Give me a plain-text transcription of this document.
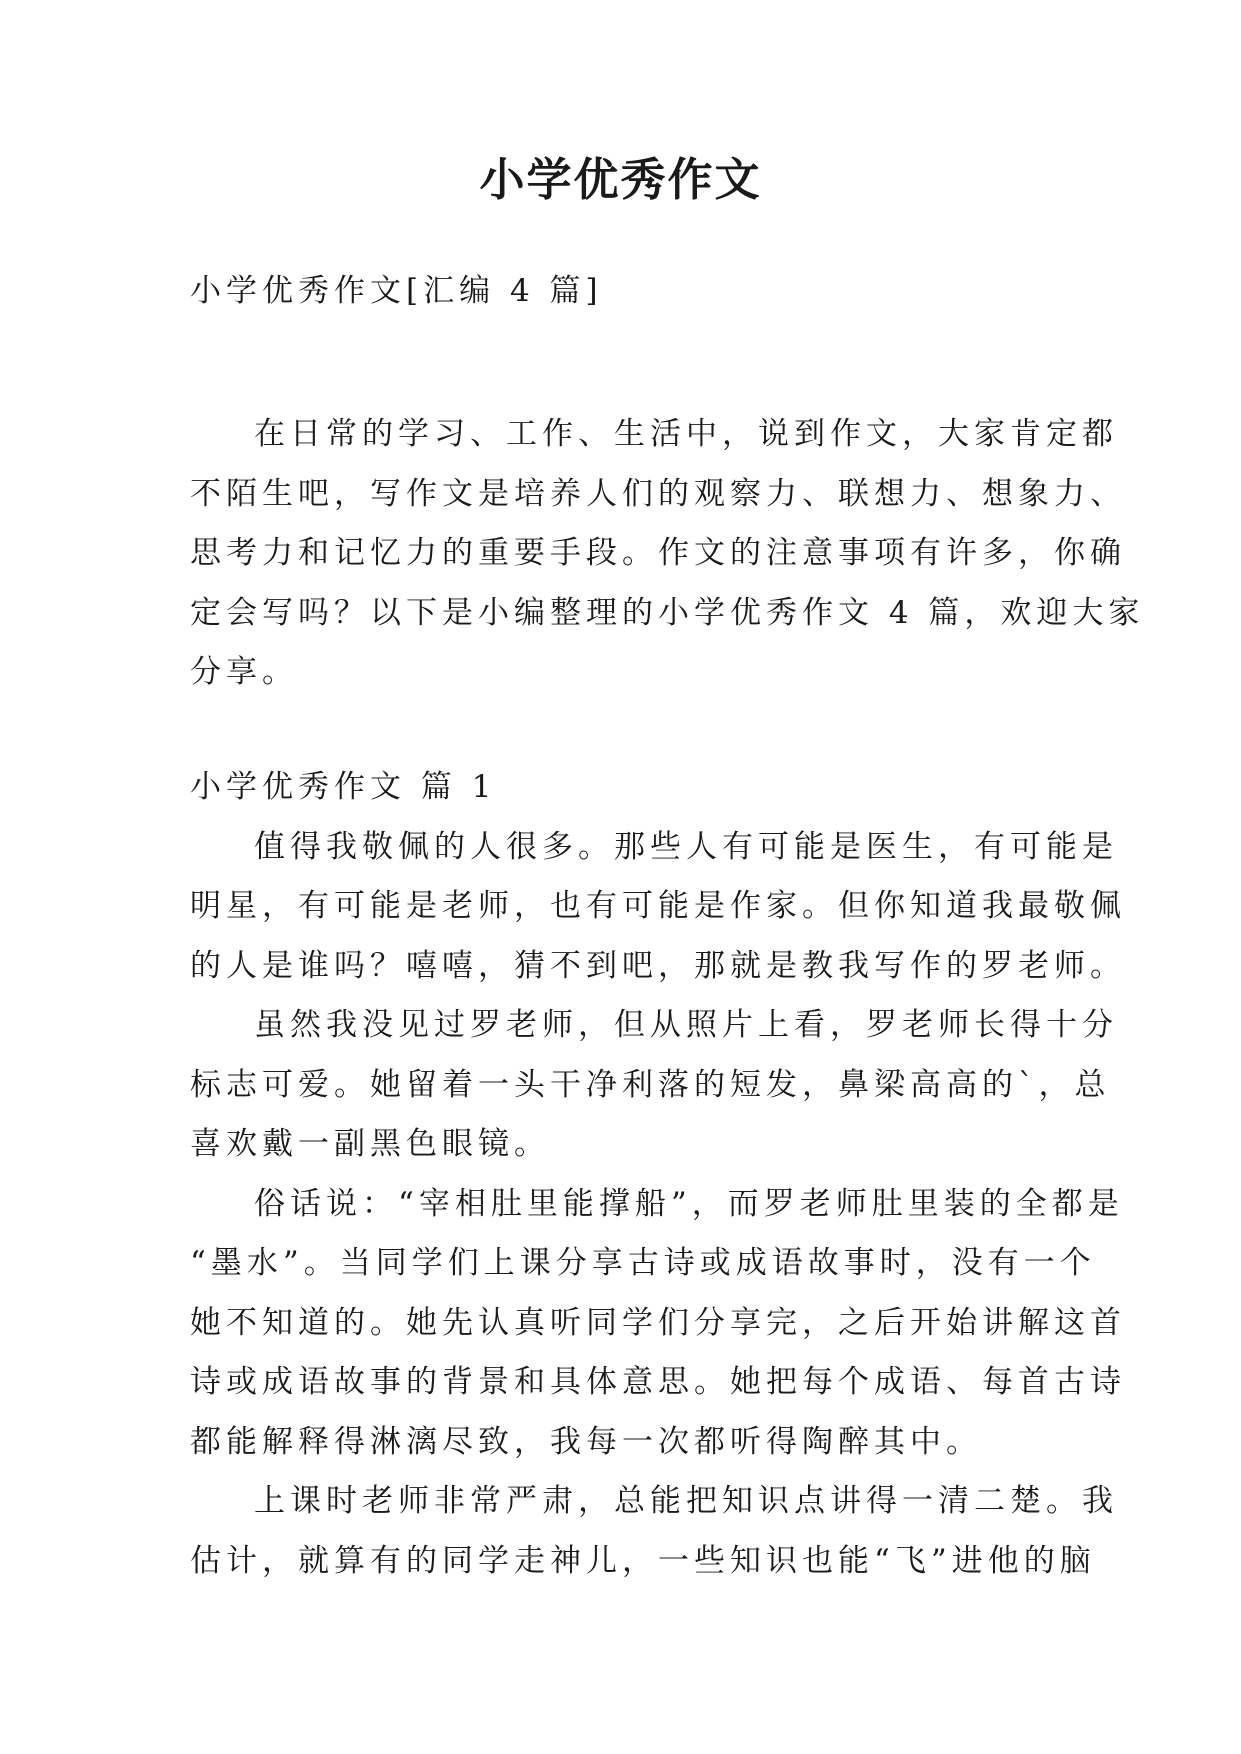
小学优秀作文

小学优秀作文[汇编 4 篇]

在日常的学习、工作、生活中，说到作文，大家肯定都
不陌生吧，写作文是培养人们的观察力、联想力、想象力、
思考力和记忆力的重要手段。作文的注意事项有许多，你确
定会写吗？以下是小编整理的小学优秀作文 4 篇，欢迎大家
分享。
小学优秀作文 篇 1
值得我敬佩的人很多。那些人有可能是医生，有可能是
明星，有可能是老师，也有可能是作家。但你知道我最敬佩
的人是谁吗？嘻嘻，猜不到吧，那就是教我写作的罗老师。
虽然我没见过罗老师，但从照片上看，罗老师长得十分
标志可爱。她留着一头干净利落的短发，鼻梁高高的`，总
喜欢戴一副黑色眼镜。
俗话说：“宰相肚里能撑船”，而罗老师肚里装的全都是
“墨水”。当同学们上课分享古诗或成语故事时，没有一个
她不知道的。她先认真听同学们分享完，之后开始讲解这首
诗或成语故事的背景和具体意思。她把每个成语、每首古诗
都能解释得淋漓尽致，我每一次都听得陶醉其中。
上课时老师非常严肃，总能把知识点讲得一清二楚。我
估计，就算有的同学走神儿，一些知识也能“飞”进他的脑
